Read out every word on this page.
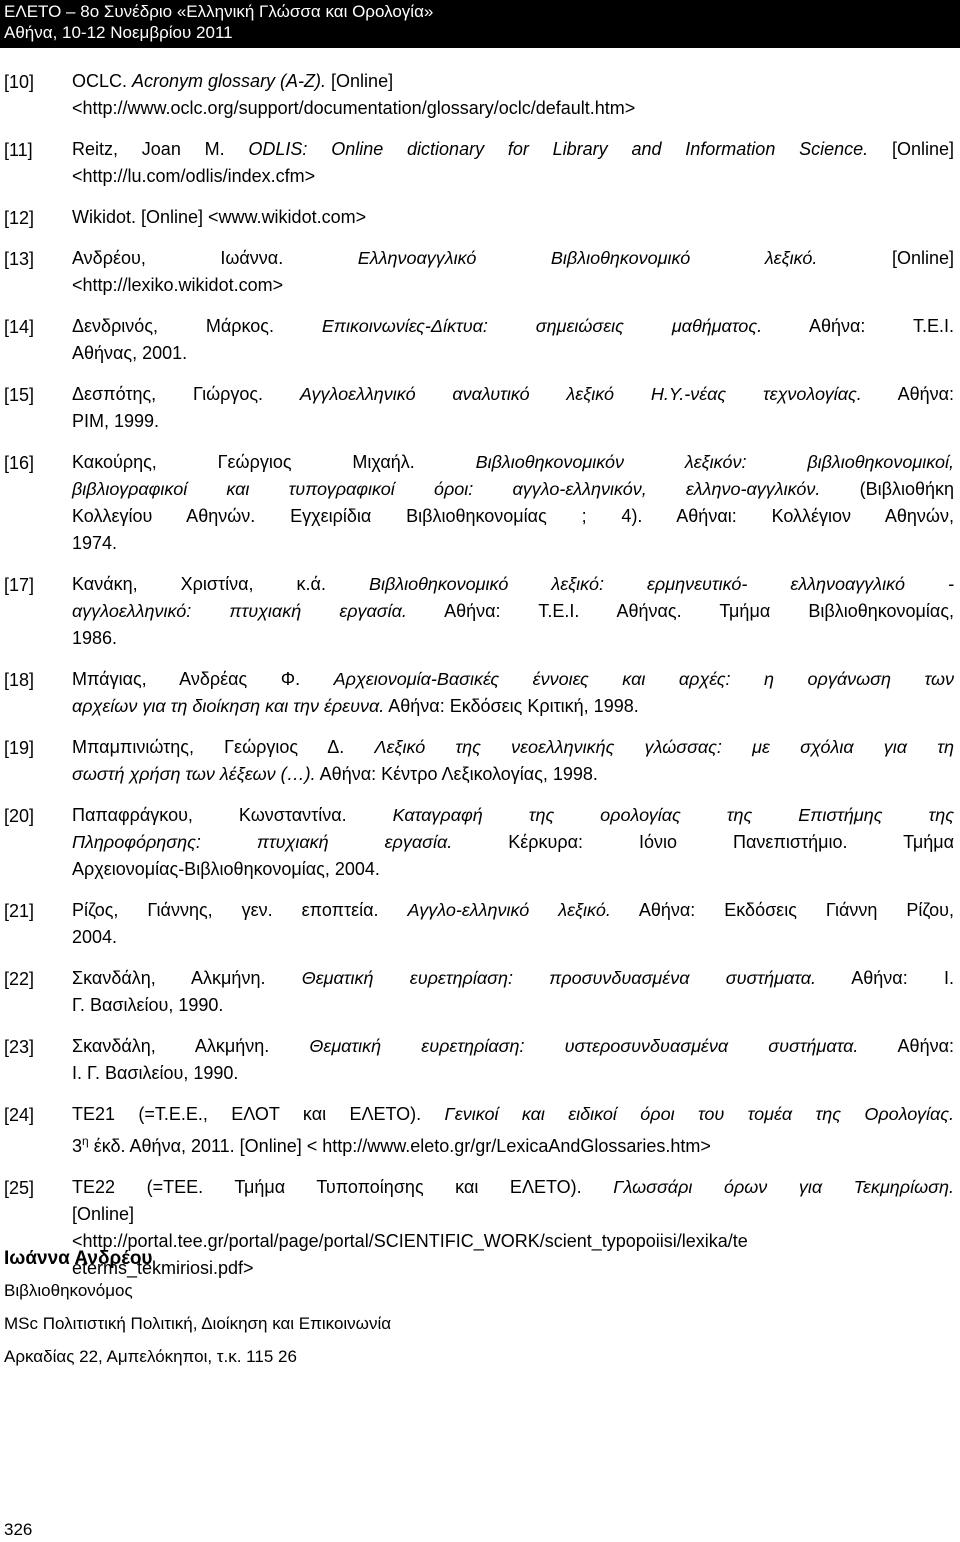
ΕΛΕΤΟ – 8ο Συνέδριο «Ελληνική Γλώσσα και Ορολογία»
Αθήνα, 10-12 Νοεμβρίου 2011
[10] OCLC. Acronym glossary (A-Z). [Online]
<http://www.oclc.org/support/documentation/glossary/oclc/default.htm>
[11] Reitz, Joan M. ODLIS: Online dictionary for Library and Information Science. [Online]
<http://lu.com/odlis/index.cfm>
[12] Wikidot. [Online] <www.wikidot.com>
[13] Ανδρέου, Ιωάννα. Ελληνοαγγλικό Βιβλιοθηκονομικό λεξικό. [Online]
<http://lexiko.wikidot.com>
[14] Δενδρινός, Μάρκος. Επικοινωνίες-Δίκτυα: σημειώσεις μαθήματος. Αθήνα: Τ.Ε.Ι.
Αθήνας, 2001.
[15] Δεσπότης, Γιώργος. Αγγλοελληνικό αναλυτικό λεξικό Η.Υ.-νέας τεχνολογίας. Αθήνα:
PIM, 1999.
[16] Κακούρης, Γεώργιος Μιχαήλ. Βιβλιοθηκονομικόν λεξικόν: βιβλιοθηκονομικοί,
βιβλιογραφικοί και τυπογραφικοί όροι: αγγλο-ελληνικόν, ελληνο-αγγλικόν. (Βιβλιοθήκη
Κολλεγίου Αθηνών. Εγχειρίδια Βιβλιοθηκονομίας ; 4). Αθήναι: Κολλέγιον Αθηνών,
1974.
[17] Κανάκη, Χριστίνα, κ.ά. Βιβλιοθηκονομικό λεξικό: ερμηνευτικό- ελληνοαγγλικό -
αγγλοελληνικό: πτυχιακή εργασία. Αθήνα: Τ.Ε.Ι. Αθήνας. Τμήμα Βιβλιοθηκονομίας,
1986.
[18] Μπάγιας, Ανδρέας Φ. Αρχειονομία-Βασικές έννοιες και αρχές: η οργάνωση των
αρχείων για τη διοίκηση και την έρευνα. Αθήνα: Εκδόσεις Κριτική, 1998.
[19] Μπαμπινιώτης, Γεώργιος Δ. Λεξικό της νεοελληνικής γλώσσας: με σχόλια για τη
σωστή χρήση των λέξεων (…). Αθήνα: Κέντρο Λεξικολογίας, 1998.
[20] Παπαφράγκου, Κωνσταντίνα. Καταγραφή της ορολογίας της Επιστήμης της
Πληροφόρησης: πτυχιακή εργασία. Κέρκυρα: Ιόνιο Πανεπιστήμιο. Τμήμα
Αρχειονομίας-Βιβλιοθηκονομίας, 2004.
[21] Ρίζος, Γιάννης, γεν. εποπτεία. Αγγλο-ελληνικό λεξικό. Αθήνα: Εκδόσεις Γιάννη Ρίζου,
2004.
[22] Σκανδάλη, Αλκμήνη. Θεματική ευρετηρίαση: προσυνδυασμένα συστήματα. Αθήνα: Ι.
Γ. Βασιλείου, 1990.
[23] Σκανδάλη, Αλκμήνη. Θεματική ευρετηρίαση: υστεροσυνδυασμένα συστήματα. Αθήνα:
Ι. Γ. Βασιλείου, 1990.
[24] ΤΕ21 (=Τ.Ε.Ε., ΕΛΟΤ και ΕΛΕΤΟ). Γενικοί και ειδικοί όροι του τομέα της Ορολογίας.
$3^\eta$ έκδ. Αθήνα, 2011. [Online] < http://www.eleto.gr/gr/LexicaAndGlossaries.htm>
[25] ΤΕ22 (=ΤΕΕ. Τμήμα Τυποποίησης και ΕΛΕΤΟ). Γλωσσάρι όρων για Τεκμηρίωση.
[Online]
<http://portal.tee.gr/portal/page/portal/SCIENTIFIC_WORK/scient_typopoiisi/lexika/te
eterms_tekmiriosi.pdf>
Ιωάννα Ανδρέου
Βιβλιοθηκονόμος
MSc Πολιτιστική Πολιτική, Διοίκηση και Επικοινωνία
Αρκαδίας 22, Αμπελόκηποι, τ.κ. 115 26
326
